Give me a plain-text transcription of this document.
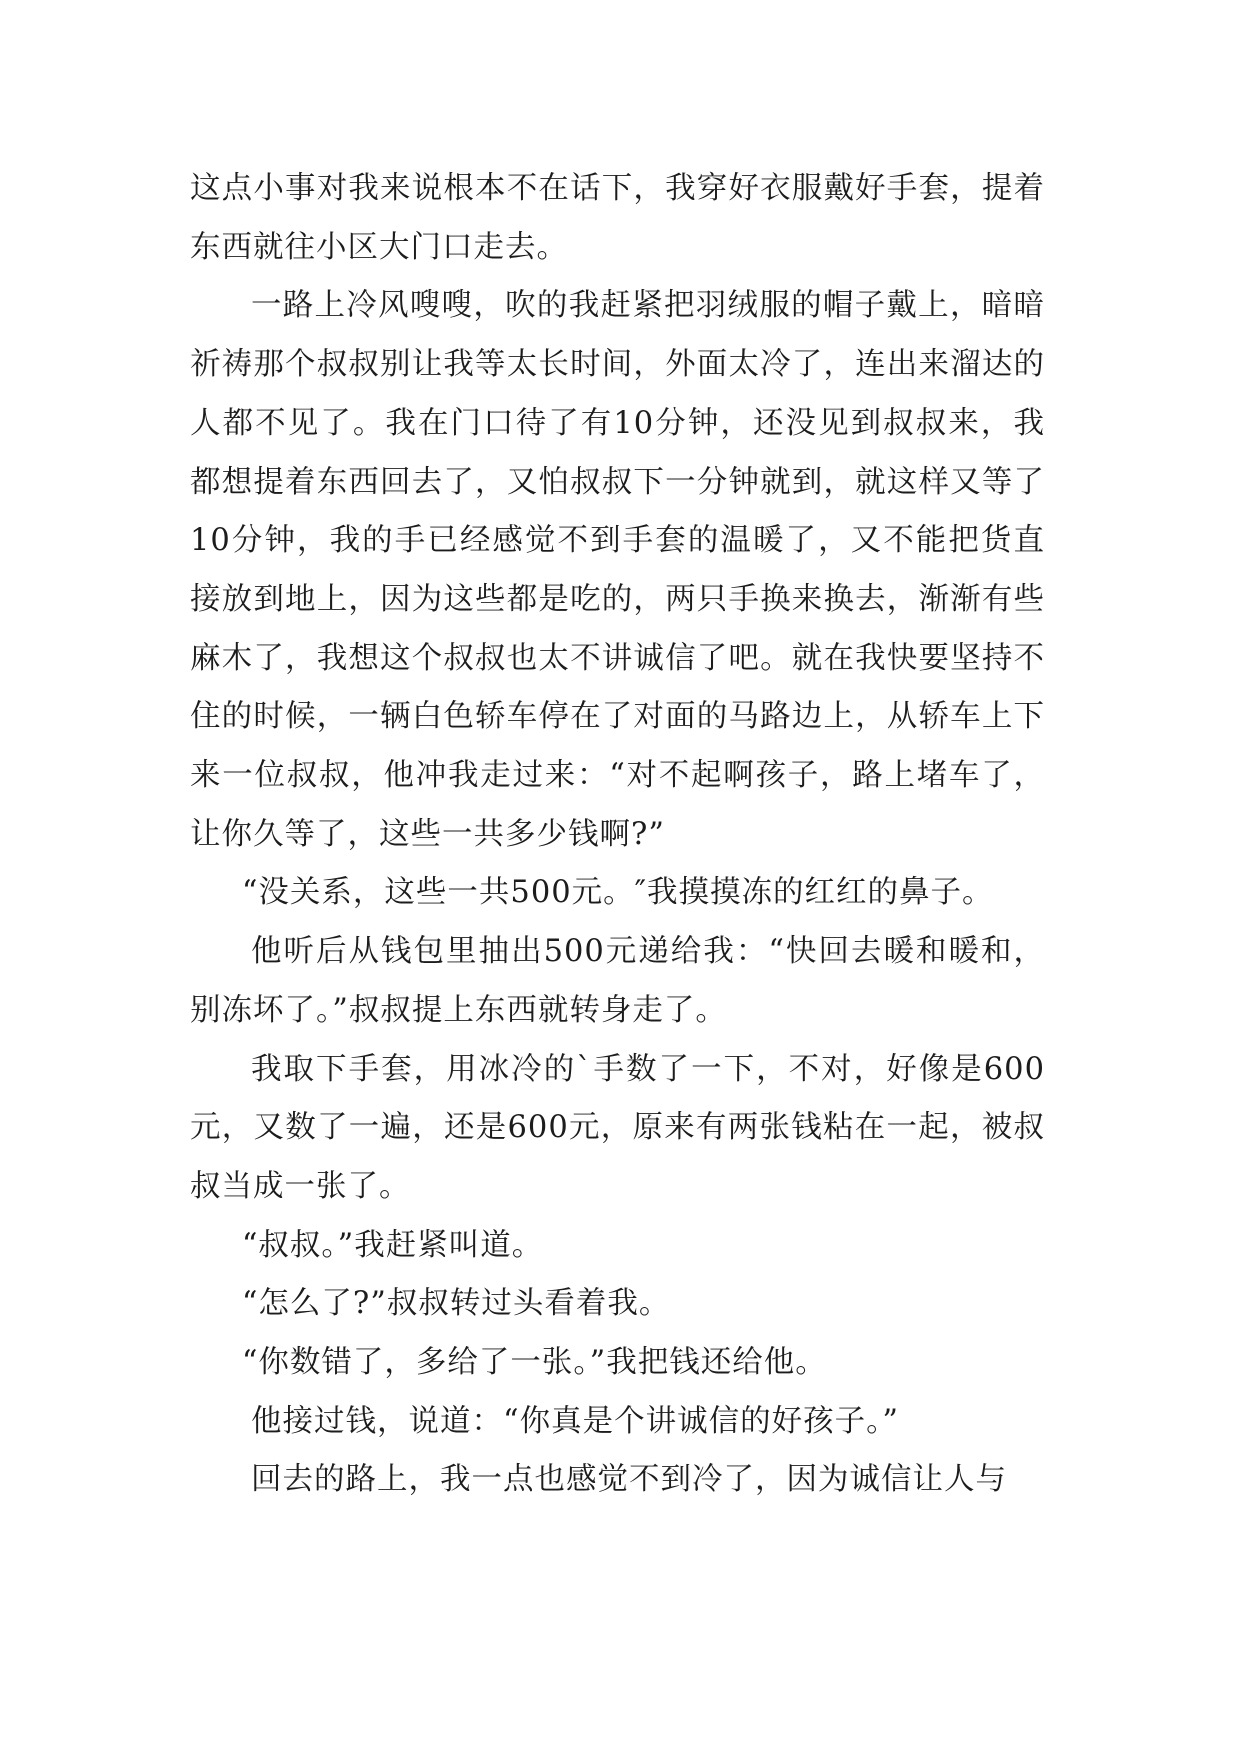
这点小事对我来说根本不在话下，我穿好衣服戴好手套，提着东西就往小区大门口走去。

一路上冷风嗖嗖，吹的我赶紧把羽绒服的帽子戴上，暗暗祈祷那个叔叔别让我等太长时间，外面太冷了，连出来溜达的人都不见了。我在门口待了有10分钟，还没见到叔叔来，我都想提着东西回去了，又怕叔叔下一分钟就到，就这样又等了10分钟，我的手已经感觉不到手套的温暖了，又不能把货直接放到地上，因为这些都是吃的，两只手换来换去，渐渐有些麻木了，我想这个叔叔也太不讲诚信了吧。就在我快要坚持不住的时候，一辆白色轿车停在了对面的马路边上，从轿车上下来一位叔叔，他冲我走过来：“对不起啊孩子，路上堵车了，让你久等了，这些一共多少钱啊?”

“没关系，这些一共500元。″我摸摸冻的红红的鼻子。

他听后从钱包里抽出500元递给我：“快回去暖和暖和，别冻坏了。”叔叔提上东西就转身走了。

我取下手套，用冰冷的`手数了一下，不对，好像是600元，又数了一遍，还是600元，原来有两张钱粘在一起，被叔叔当成一张了。

“叔叔。”我赶紧叫道。

“怎么了?”叔叔转过头看着我。

“你数错了，多给了一张。”我把钱还给他。

他接过钱，说道：“你真是个讲诚信的好孩子。”

回去的路上，我一点也感觉不到冷了，因为诚信让人与
